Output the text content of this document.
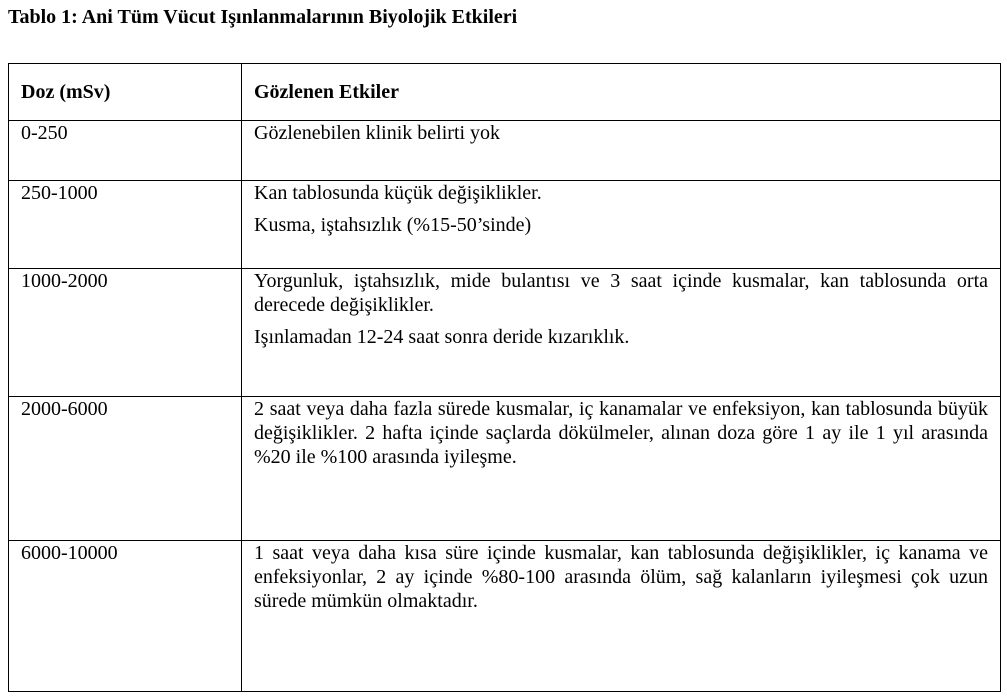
Tablo 1: Ani Tüm Vücut Işınlanmalarının Biyolojik Etkileri
Doz (mSv)	Gözlenen Etkiler
0-250	Gözlenebilen klinik belirti yok

250-1000	Kan tablosunda küçük değişiklikler.

Kusma, iştahsızlık (%15-50’sinde)

1000-2000	Yorgunluk, iştahsızlık, mide bulantısı ve 3 saat içinde kusmalar, kan tablosunda orta derecede değişiklikler.

Işınlamadan 12-24 saat sonra deride kızarıklık.

2000-6000	2 saat veya daha fazla sürede kusmalar, iç kanamalar ve enfeksiyon, kan tablosunda büyük değişiklikler. 2 hafta içinde saçlarda dökülmeler, alınan doza göre 1 ay ile 1 yıl arasında %20 ile %100 arasında iyileşme.

6000-10000	1 saat veya daha kısa süre içinde kusmalar, kan tablosunda değişiklikler, iç kanama ve enfeksiyonlar, 2 ay içinde %80-100 arasında ölüm, sağ kalanların iyileşmesi çok uzun sürede mümkün olmaktadır.
